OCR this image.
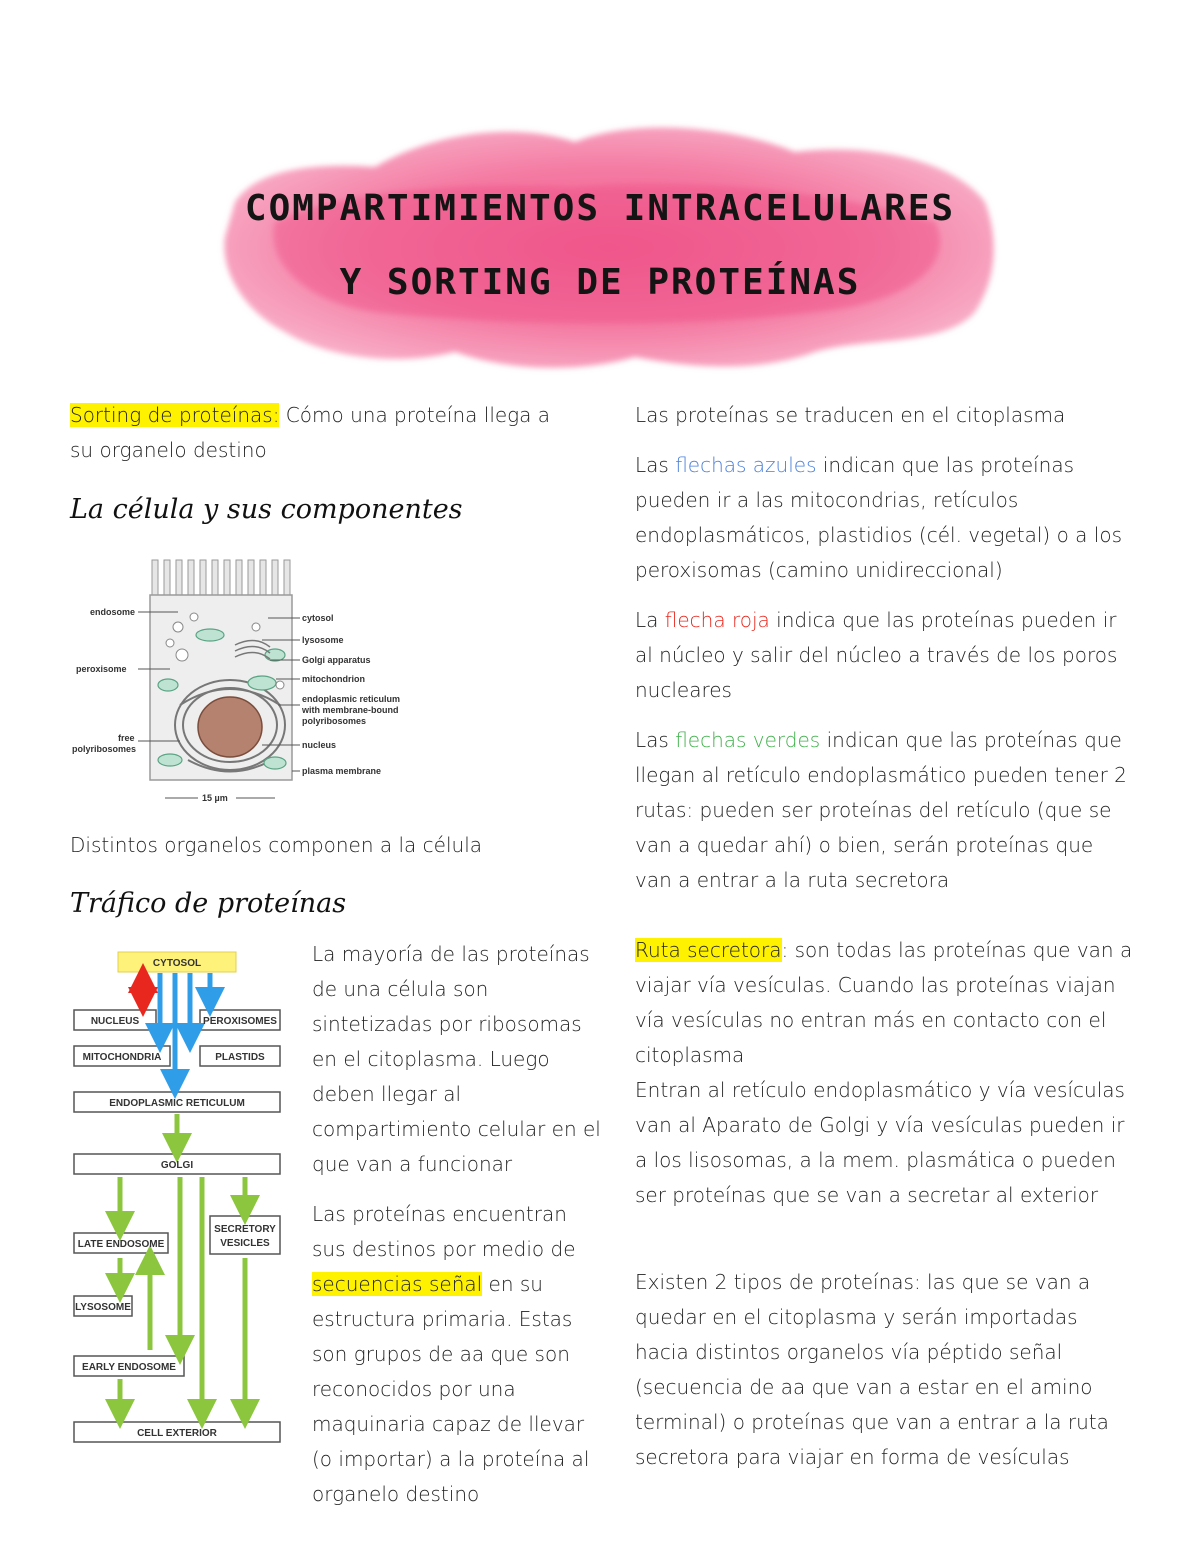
COMPARTIMIENTOS INTRACELULARES
Y SORTING DE PROTEÍNAS

Sorting de proteínas: Cómo una proteína llega a su organelo destino

La célula y sus componentes
endosome
peroxisome
free
polyribosomes
cytosol
lysosome
Golgi apparatus
mitochondrion
endoplasmic reticulum
with membrane-bound
polyribosomes
nucleus
plasma membrane
15 µm
Distintos organelos componen a la célula
Tráfico de proteínas
CYTOSOL
NUCLEUS	PEROXISOMES
MITOCHONDRIA	PLASTIDS
ENDOPLASMIC RETICULUM
GOLGI
LATE ENDOSOME
SECRETORY
VESICLES
LYSOSOME
EARLY ENDOSOME
CELL EXTERIOR

La mayoría de las proteínas de una célula son sintetizadas por ribosomas en el citoplasma. Luego deben llegar al compartimiento celular en el que van a funcionar

Las proteínas encuentran sus destinos por medio de secuencias señal en su estructura primaria. Estas son grupos de aa que son reconocidos por una maquinaria capaz de llevar (o importar) a la proteína al organelo destino

Las proteínas se traducen en el citoplasma

Las flechas azules indican que las proteínas pueden ir a las mitocondrias, retículos endoplasmáticos, plastidios (cél. vegetal) o a los peroxisomas (camino unidireccional)

La flecha roja indica que las proteínas pueden ir al núcleo y salir del núcleo a través de los poros nucleares

Las flechas verdes indican que las proteínas que llegan al retículo endoplasmático pueden tener 2 rutas: pueden ser proteínas del retículo (que se van a quedar ahí) o bien, serán proteínas que van a entrar a la ruta secretora

Ruta secretora: son todas las proteínas que van a viajar vía vesículas. Cuando las proteínas viajan vía vesículas no entran más en contacto con el citoplasma

Entran al retículo endoplasmático y vía vesículas van al Aparato de Golgi y vía vesículas pueden ir a los lisosomas, a la mem. plasmática o pueden ser proteínas que se van a secretar al exterior

Existen 2 tipos de proteínas: las que se van a quedar en el citoplasma y serán importadas hacia distintos organelos vía péptido señal (secuencia de aa que van a estar en el amino terminal) o proteínas que van a entrar a la ruta secretora para viajar en forma de vesículas
